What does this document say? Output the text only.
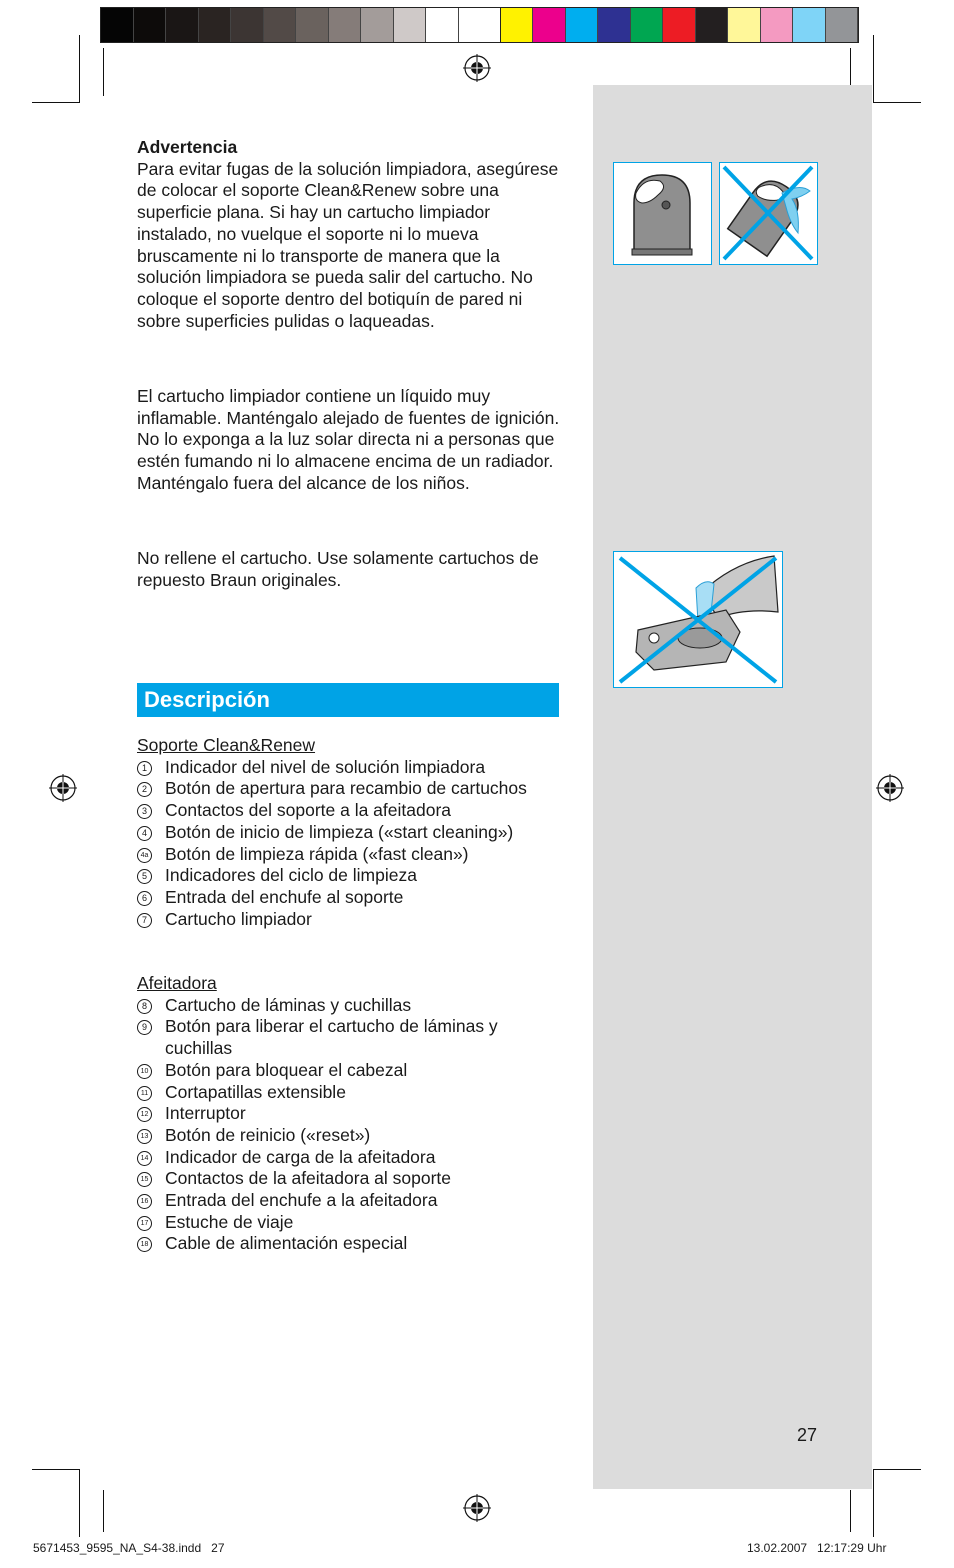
Advertencia
Para evitar fugas de la solución limpiadora, asegúrese de colocar el soporte Clean&Renew sobre una superficie plana. Si hay un cartucho limpiador instalado, no vuelque el soporte ni lo mueva bruscamente ni lo transporte de manera que la solución limpiadora se pueda salir del cartucho. No coloque el soporte dentro del botiquín de pared ni sobre superficies pulidas o laqueadas.
El cartucho limpiador contiene un líquido muy inflamable. Manténgalo alejado de fuentes de ignición. No lo exponga a la luz solar directa ni a personas que estén fumando ni lo almacene encima de un radiador. Manténgalo fuera del alcance de los niños.
No rellene el cartucho. Use solamente cartuchos de repuesto Braun originales.
Descripción
Soporte Clean&Renew
1 Indicador del nivel de solución limpiadora
2 Botón de apertura para recambio de cartuchos
3 Contactos del soporte a la afeitadora
4 Botón de inicio de limpieza («start cleaning»)
4a Botón de limpieza rápida («fast clean»)
5 Indicadores del ciclo de limpieza
6 Entrada del enchufe al soporte
7 Cartucho limpiador
Afeitadora
8 Cartucho de láminas y cuchillas
9 Botón para liberar el cartucho de láminas y cuchillas
10 Botón para bloquear el cabezal
11 Cortapatillas extensible
12 Interruptor
13 Botón de reinicio («reset»)
14 Indicador de carga de la afeitadora
15 Contactos de la afeitadora al soporte
16 Entrada del enchufe a la afeitadora
17 Estuche de viaje
18 Cable de alimentación especial
27
5671453_9595_NA_S4-38.indd   27	13.02.2007   12:17:29 Uhr
